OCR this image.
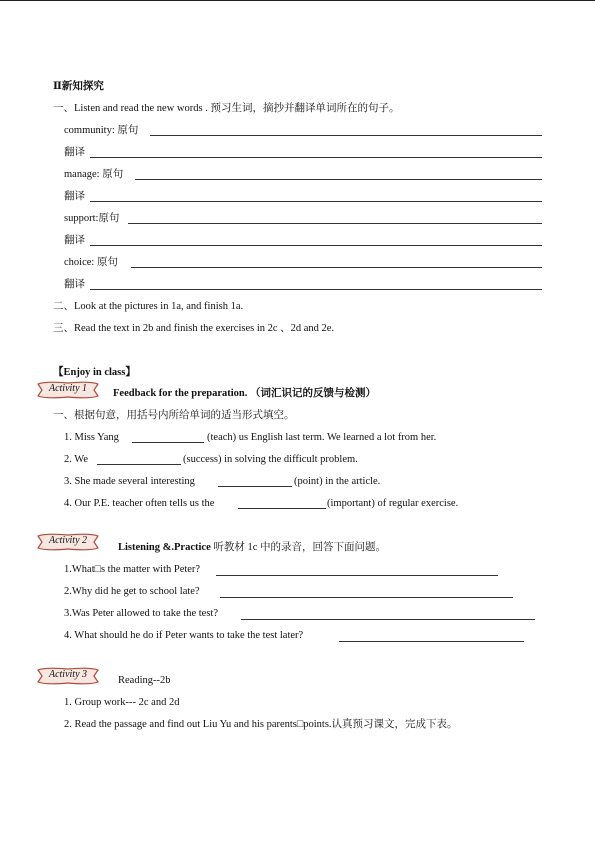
Ⅱ新知探究
一、Listen and read the new words . 预习生词，摘抄并翻译单词所在的句子。
community: 原句
翻译
manage: 原句
翻译
support:原句
翻译
choice: 原句
翻译
二、Look at the pictures in 1a, and finish 1a.
三、Read the text in 2b and finish the exercises in 2c 、2d and 2e.
【Enjoy in class】
Activity 1	Feedback for the preparation. （词汇识记的反馈与检测）
一、根据句意，用括号内所给单词的适当形式填空。
1. Miss Yang	(teach) us English last term. We learned a lot from her.
2. We	(success) in solving the difficult problem.
3. She made several interesting	(point) in the article.
4. Our P.E. teacher often tells us the	(important) of regular exercise.
Activity 2
Listening &.Practice 听教材 1c 中的录音，回答下面问题。
1.What□s the matter with Peter?
2.Why did he get to school late?
3.Was Peter allowed to take the test?
4. What should he do if Peter wants to take the test later?
Activity 3
Reading--2b
1. Group work--- 2c and 2d
2. Read the passage and find out Liu Yu and his parents□points.认真预习课文，完成下表。
